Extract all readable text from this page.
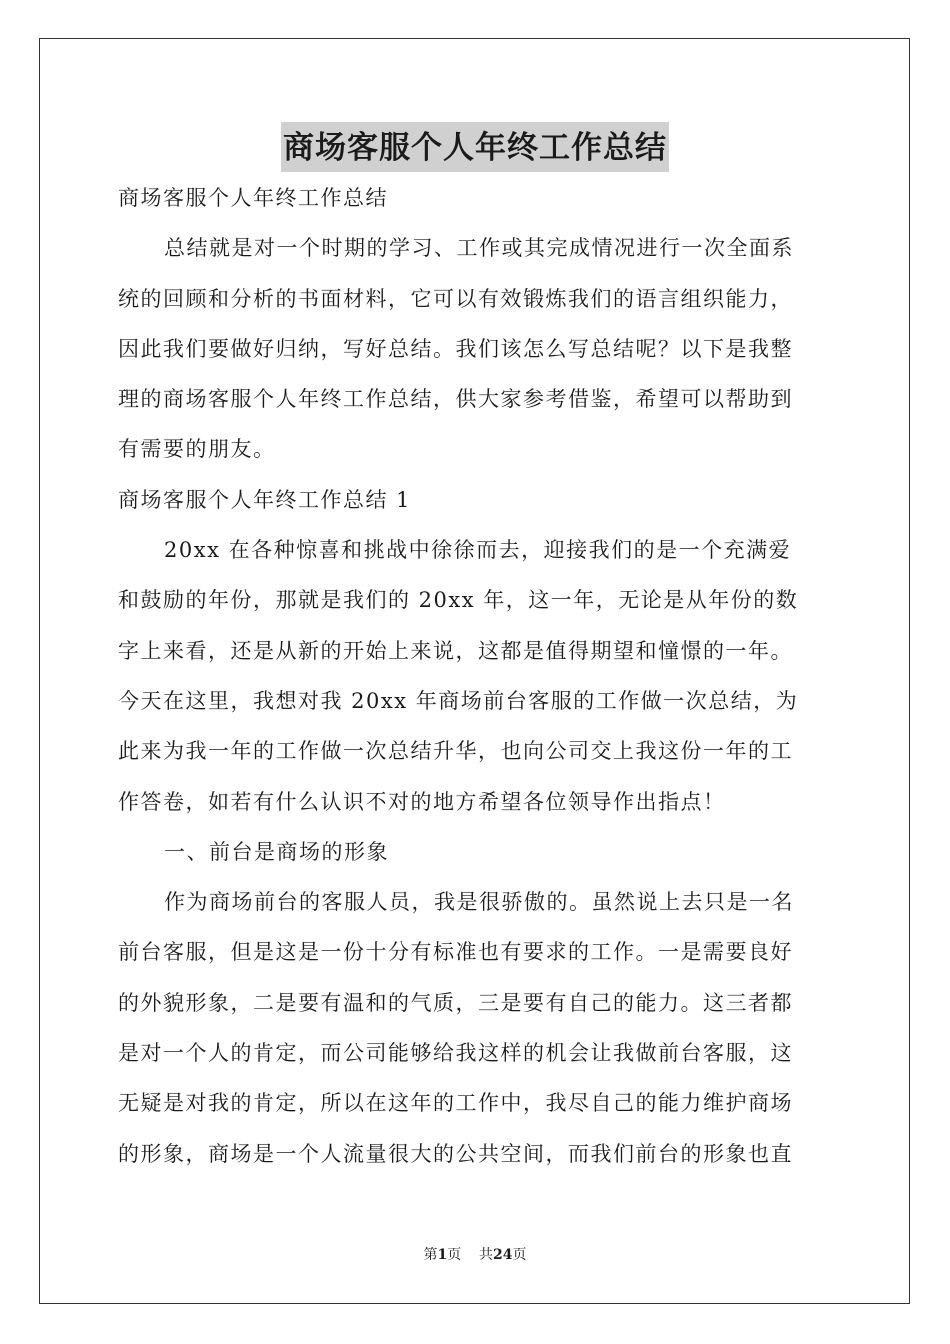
商场客服个人年终工作总结
商场客服个人年终工作总结
总结就是对一个时期的学习、工作或其完成情况进行一次全面系
统的回顾和分析的书面材料，它可以有效锻炼我们的语言组织能力，
因此我们要做好归纳，写好总结。我们该怎么写总结呢？以下是我整
理的商场客服个人年终工作总结，供大家参考借鉴，希望可以帮助到
有需要的朋友。
商场客服个人年终工作总结 1
20xx 在各种惊喜和挑战中徐徐而去，迎接我们的是一个充满爱
和鼓励的年份，那就是我们的 20xx 年，这一年，无论是从年份的数
字上来看，还是从新的开始上来说，这都是值得期望和憧憬的一年。
今天在这里，我想对我 20xx 年商场前台客服的工作做一次总结，为
此来为我一年的工作做一次总结升华，也向公司交上我这份一年的工
作答卷，如若有什么认识不对的地方希望各位领导作出指点！
一、前台是商场的形象
作为商场前台的客服人员，我是很骄傲的。虽然说上去只是一名
前台客服，但是这是一份十分有标准也有要求的工作。一是需要良好
的外貌形象，二是要有温和的气质，三是要有自己的能力。这三者都
是对一个人的肯定，而公司能够给我这样的机会让我做前台客服，这
无疑是对我的肯定，所以在这年的工作中，我尽自己的能力维护商场
的形象，商场是一个人流量很大的公共空间，而我们前台的形象也直
第1页 共24页
